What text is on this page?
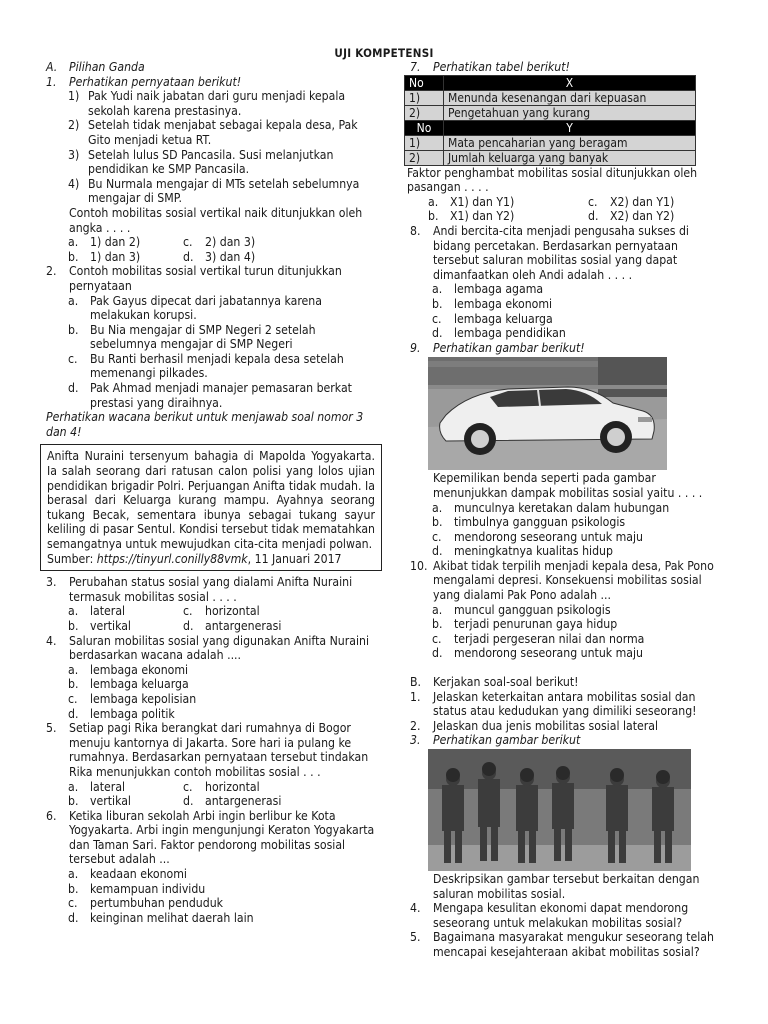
UJI KOMPETENSI
A. Pilihan Ganda
1. Perhatikan pernyataan berikut!
1) Pak Yudi naik jabatan dari guru menjadi kepala sekolah karena prestasinya.
2) Setelah tidak menjabat sebagai kepala desa, Pak Gito menjadi ketua RT.
3) Setelah lulus SD Pancasila. Susi melanjutkan pendidikan ke SMP Pancasila.
4) Bu Nurmala mengajar di MTs setelah sebelumnya mengajar di SMP.
Contoh mobilitas sosial vertikal naik ditunjukkan oleh angka . . . .
a. 1) dan 2)	c. 2) dan 3)
b. 1) dan 3)	d. 3) dan 4)
2. Contoh mobilitas sosial vertikal turun ditunjukkan pernyataan
a. Pak Gayus dipecat dari jabatannya karena melakukan korupsi.
b. Bu Nia mengajar di SMP Negeri 2 setelah sebelumnya mengajar di SMP Negeri
c. Bu Ranti berhasil menjadi kepala desa setelah memenangi pilkades.
d. Pak Ahmad menjadi manajer pemasaran berkat prestasi yang diraihnya.
Perhatikan wacana berikut untuk menjawab soal nomor 3 dan 4!
Anifta Nuraini tersenyum bahagia di Mapolda Yogyakarta. Ia salah seorang dari ratusan calon polisi yang lolos ujian pendidikan brigadir Polri. Perjuangan Anifta tidak mudah. Ia berasal dari Keluarga kurang mampu. Ayahnya seorang tukang Becak, sementara ibunya sebagai tukang sayur keliling di pasar Sentul. Kondisi tersebut tidak mematahkan semangatnya untuk mewujudkan cita-cita menjadi polwan.
Sumber: https://tinyurl.conilly88vmk, 11 Januari 2017
3. Perubahan status sosial yang dialami Anifta Nuraini termasuk mobilitas sosial . . . .
a. lateral	c. horizontal
b. vertikal	d. antargenerasi
4. Saluran mobilitas sosial yang digunakan Anifta Nuraini berdasarkan wacana adalah ....
a. lembaga ekonomi
b. lembaga keluarga
c. lembaga kepolisian
d. lembaga politik
5. Setiap pagi Rika berangkat dari rumahnya di Bogor menuju kantornya di Jakarta. Sore hari ia pulang ke rumahnya. Berdasarkan pernyataan tersebut tindakan Rika menunjukkan contoh mobilitas sosial . . .
a. lateral	c. horizontal
b. vertikal	d. antargenerasi
6. Ketika liburan sekolah Arbi ingin berlibur ke Kota Yogyakarta. Arbi ingin mengunjungi Keraton Yogyakarta dan Taman Sari. Faktor pendorong mobilitas sosial tersebut adalah ...
a. keadaan ekonomi
b. kemampuan individu
c. pertumbuhan penduduk
d. keinginan melihat daerah lain
7. Perhatikan tabel berikut!
No	X
1)	Menunda kesenangan dari kepuasan
2)	Pengetahuan yang kurang
No	Y
1)	Mata pencaharian yang beragam
2)	Jumlah keluarga yang banyak
Faktor penghambat mobilitas sosial ditunjukkan oleh pasangan . . . .
a. X1) dan Y1)	c. X2) dan Y1)
b. X1) dan Y2)	d. X2) dan Y2)
8. Andi bercita-cita menjadi pengusaha sukses di bidang percetakan. Berdasarkan pernyataan tersebut saluran mobilitas sosial yang dapat dimanfaatkan oleh Andi adalah . . . .
a. lembaga agama
b. lembaga ekonomi
c. lembaga keluarga
d. lembaga pendidikan
9. Perhatikan gambar berikut!
Kepemilikan benda seperti pada gambar menunjukkan dampak mobilitas sosial yaitu . . . .
a. munculnya keretakan dalam hubungan
b. timbulnya gangguan psikologis
c. mendorong seseorang untuk maju
d. meningkatnya kualitas hidup
10. Akibat tidak terpilih menjadi kepala desa, Pak Pono mengalami depresi. Konsekuensi mobilitas sosial yang dialami Pak Pono adalah ...
a. muncul gangguan psikologis
b. terjadi penurunan gaya hidup
c. terjadi pergeseran nilai dan norma
d. mendorong seseorang untuk maju
B. Kerjakan soal-soal berikut!
1. Jelaskan keterkaitan antara mobilitas sosial dan status atau kedudukan yang dimiliki seseorang!
2. Jelaskan dua jenis mobilitas sosial lateral
3. Perhatikan gambar berikut
Deskripsikan gambar tersebut berkaitan dengan saluran mobilitas sosial.
4. Mengapa kesulitan ekonomi dapat mendorong seseorang untuk melakukan mobilitas sosial?
5. Bagaimana masyarakat mengukur seseorang telah mencapai kesejahteraan akibat mobilitas sosial?
